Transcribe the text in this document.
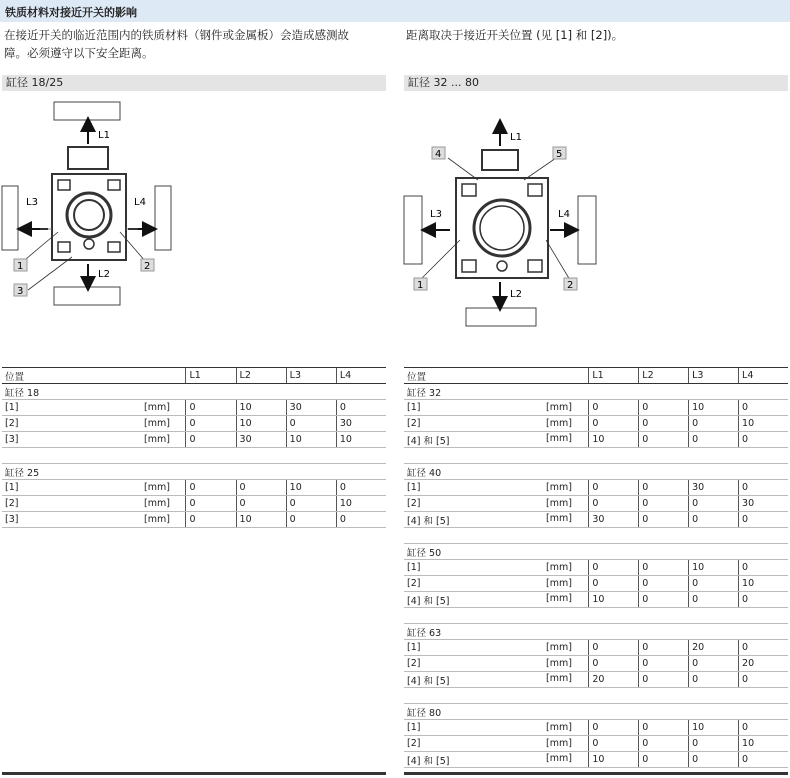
铁质材料对接近开关的影响
在接近开关的临近范围内的铁质材料（钢件或金属板）会造成感测故
障。必须遵守以下安全距离。
距离取决于接近开关位置 (见 [1] 和 [2])。
缸径 18/25	缸径 32 ... 80
L1
L2
L3	L4
1	2
3
L1
L2
L3	L4
1	2
4	5
位置	L1	L2	L3	L4
缸径 18				
[1] [mm]	0	10	30	0
[2] [mm]	0	10	0	30
[3] [mm]	0	30	10	10

缸径 25				
[1] [mm]	0	0	10	0
[2] [mm]	0	0	0	10
[3] [mm]	0	10	0	0
位置	L1	L2	L3	L4
缸径 32				
[1] [mm]	0	0	10	0
[2] [mm]	0	0	0	10
[4] 和 [5] [mm]	10	0	0	0

缸径 40				
[1] [mm]	0	0	30	0
[2] [mm]	0	0	0	30
[4] 和 [5] [mm]	30	0	0	0

缸径 50				
[1] [mm]	0	0	10	0
[2] [mm]	0	0	0	10
[4] 和 [5] [mm]	10	0	0	0

缸径 63				
[1] [mm]	0	0	20	0
[2] [mm]	0	0	0	20
[4] 和 [5] [mm]	20	0	0	0

缸径 80				
[1] [mm]	0	0	10	0
[2] [mm]	0	0	0	10
[4] 和 [5] [mm]	10	0	0	0
